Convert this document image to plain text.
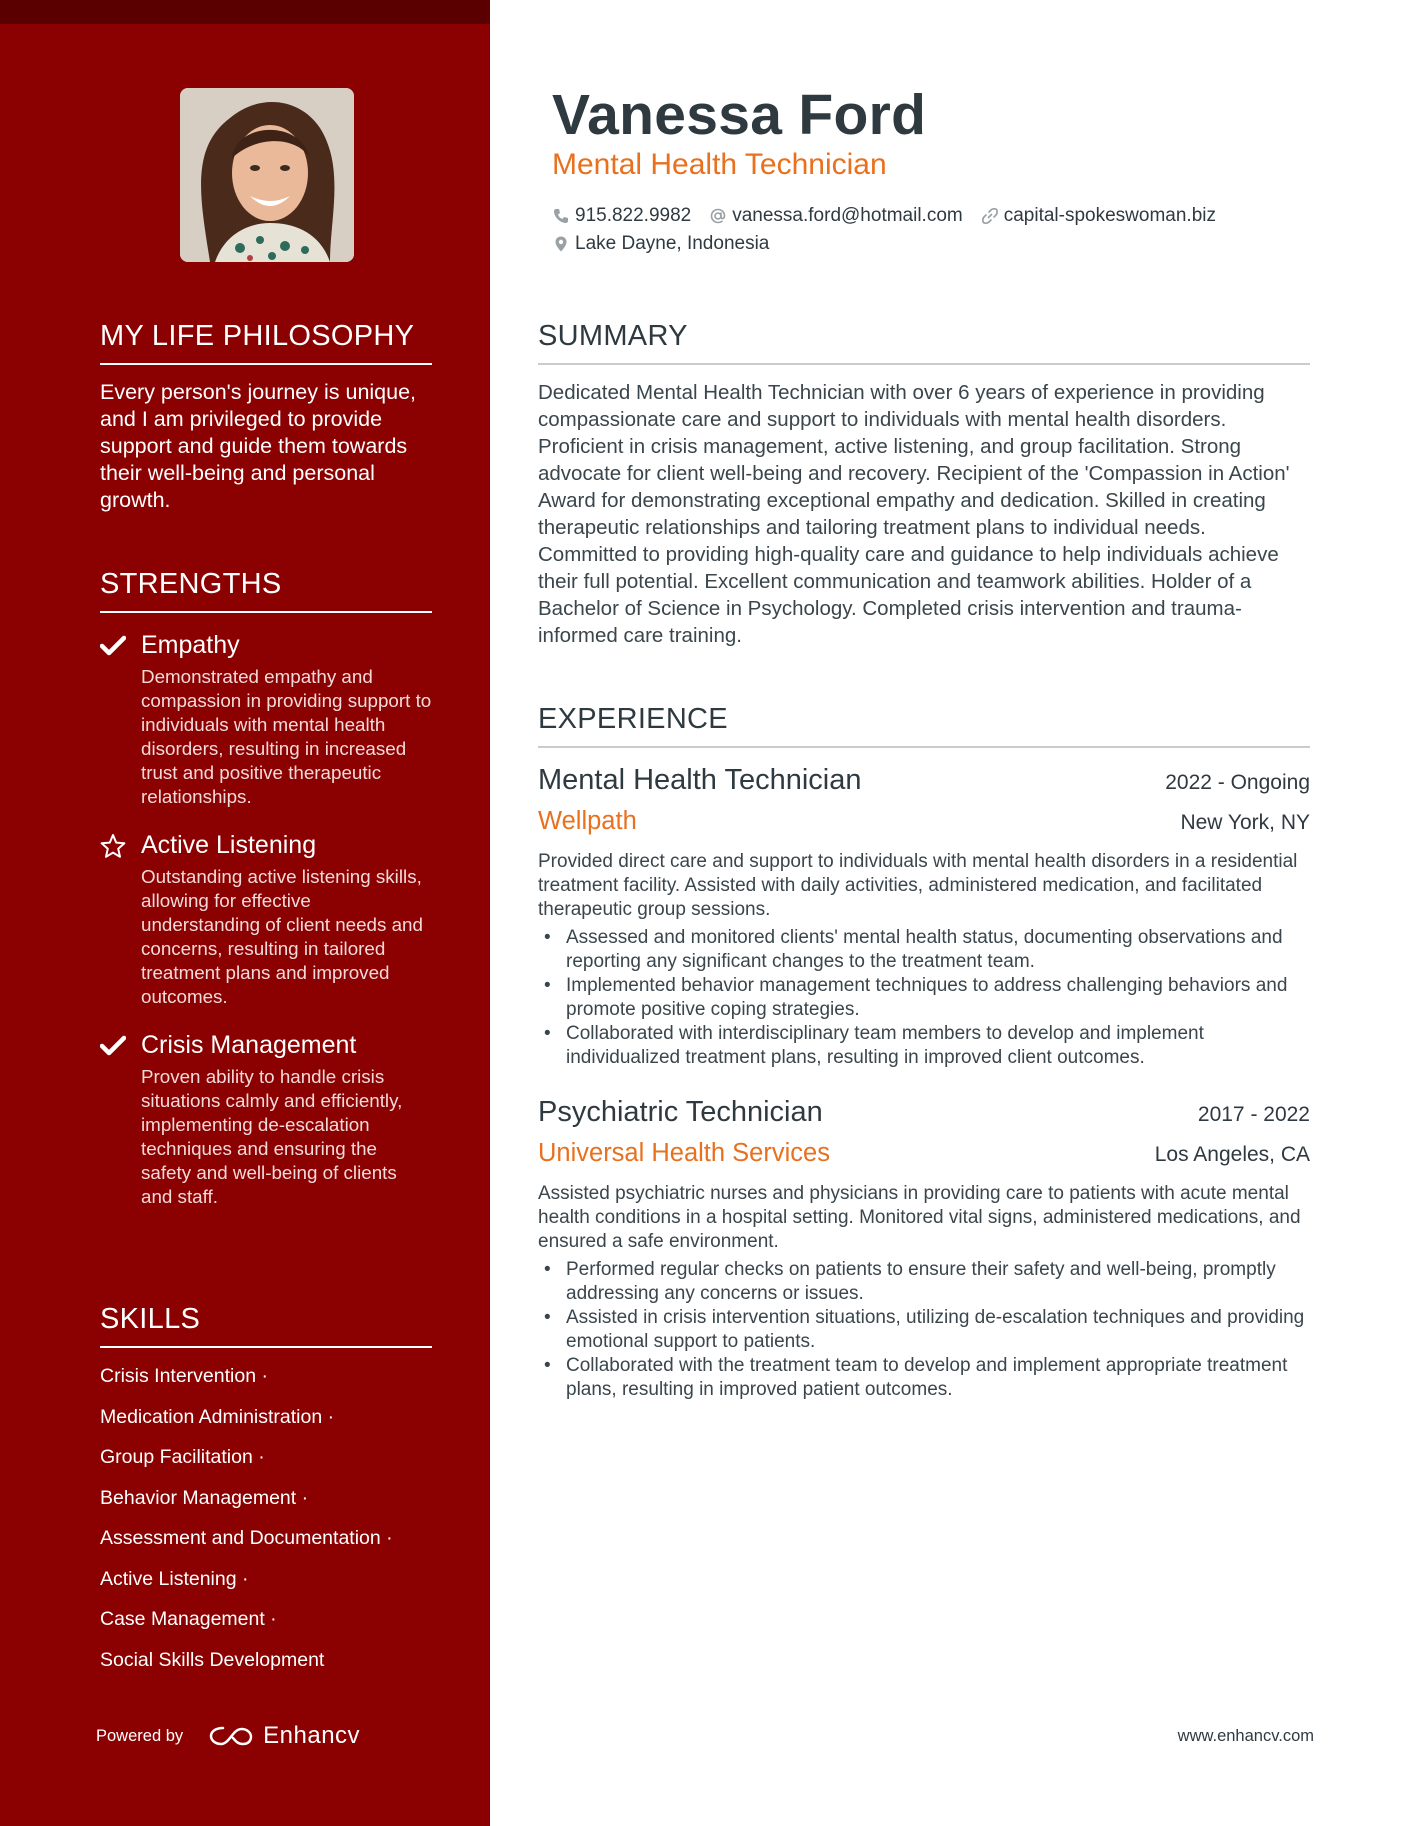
MY LIFE PHILOSOPHY
Every person's journey is unique, and I am privileged to provide support and guide them towards their well-being and personal growth.
STRENGTHS
Empathy
Demonstrated empathy and compassion in providing support to individuals with mental health disorders, resulting in increased trust and positive therapeutic relationships.
Active Listening
Outstanding active listening skills, allowing for effective understanding of client needs and concerns, resulting in tailored treatment plans and improved outcomes.
Crisis Management
Proven ability to handle crisis situations calmly and efficiently, implementing de-escalation techniques and ensuring the safety and well-being of clients and staff.
SKILLS
Crisis Intervention ·
Medication Administration ·
Group Facilitation ·
Behavior Management ·
Assessment and Documentation ·
Active Listening ·
Case Management ·
Social Skills Development
Powered by	Enhancv
Vanessa Ford
Mental Health Technician
915.822.9982 vanessa.ford@hotmail.com capital-spokeswoman.biz
Lake Dayne, Indonesia
SUMMARY
Dedicated Mental Health Technician with over 6 years of experience in providing compassionate care and support to individuals with mental health disorders. Proficient in crisis management, active listening, and group facilitation. Strong advocate for client well-being and recovery. Recipient of the 'Compassion in Action' Award for demonstrating exceptional empathy and dedication. Skilled in creating therapeutic relationships and tailoring treatment plans to individual needs. Committed to providing high-quality care and guidance to help individuals achieve their full potential. Excellent communication and teamwork abilities. Holder of a Bachelor of Science in Psychology. Completed crisis intervention and trauma-informed care training.
EXPERIENCE
Mental Health Technician	2022 - Ongoing
Wellpath	New York, NY
Provided direct care and support to individuals with mental health disorders in a residential treatment facility. Assisted with daily activities, administered medication, and facilitated therapeutic group sessions.
• Assessed and monitored clients' mental health status, documenting observations and reporting any significant changes to the treatment team.
• Implemented behavior management techniques to address challenging behaviors and promote positive coping strategies.
• Collaborated with interdisciplinary team members to develop and implement individualized treatment plans, resulting in improved client outcomes.
Psychiatric Technician	2017 - 2022
Universal Health Services	Los Angeles, CA
Assisted psychiatric nurses and physicians in providing care to patients with acute mental health conditions in a hospital setting. Monitored vital signs, administered medications, and ensured a safe environment.
• Performed regular checks on patients to ensure their safety and well-being, promptly addressing any concerns or issues.
• Assisted in crisis intervention situations, utilizing de-escalation techniques and providing emotional support to patients.
• Collaborated with the treatment team to develop and implement appropriate treatment plans, resulting in improved patient outcomes.
www.enhancv.com
